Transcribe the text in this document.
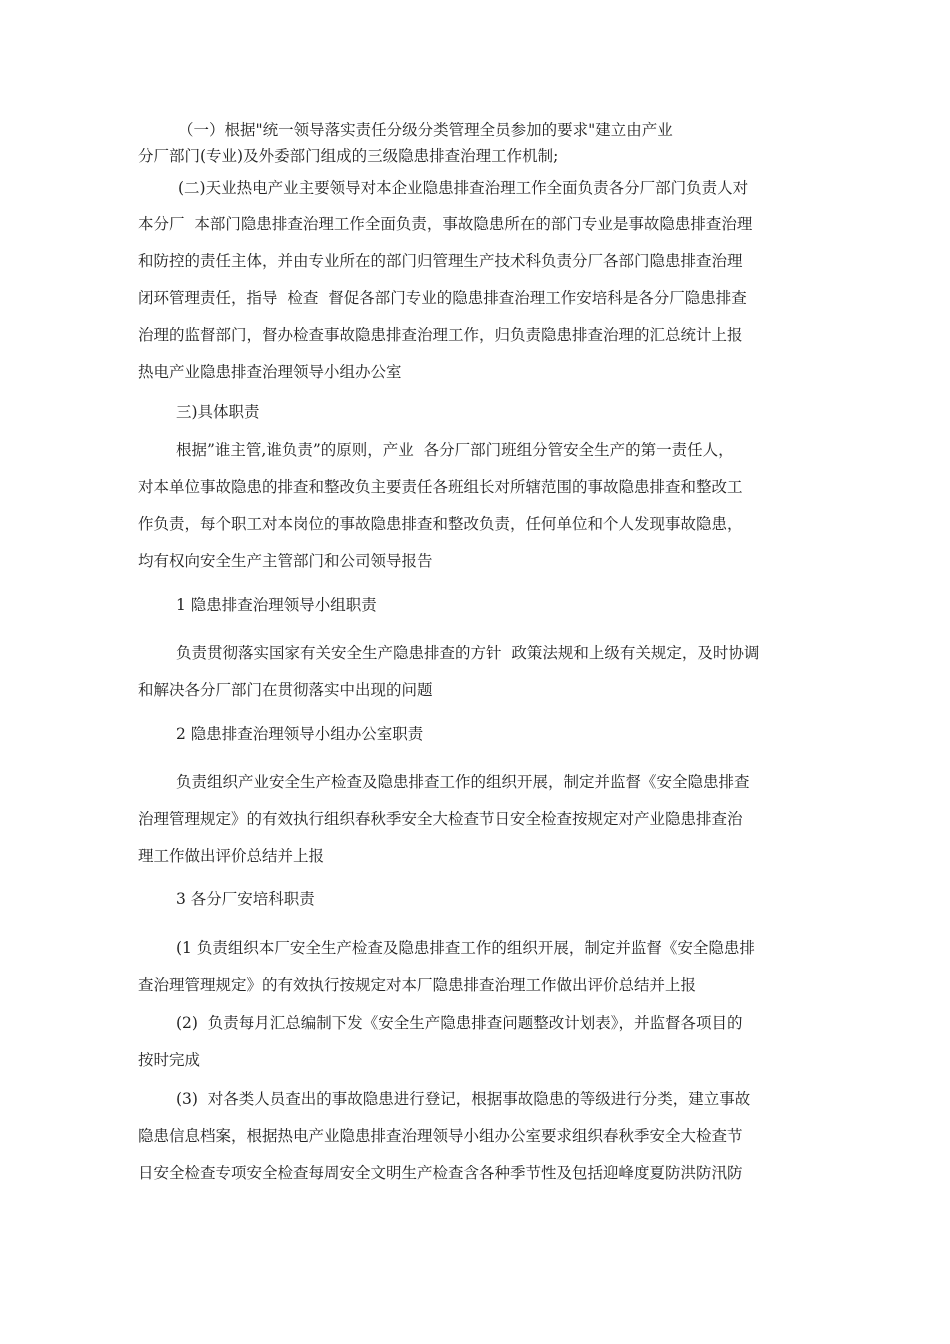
（一）根据"统一领导落实责任分级分类管理全员参加的要求"建立由产业
分厂部门(专业)及外委部门组成的三级隐患排查治理工作机制;
(二)天业热电产业主要领导对本企业隐患排查治理工作全面负责各分厂部门负责人对
本分厂  本部门隐患排查治理工作全面负责，事故隐患所在的部门专业是事故隐患排查治理
和防控的责任主体，并由专业所在的部门归管理生产技术科负责分厂各部门隐患排查治理
闭环管理责任，指导  检查  督促各部门专业的隐患排查治理工作安培科是各分厂隐患排查
治理的监督部门，督办检查事故隐患排查治理工作，归负责隐患排查治理的汇总统计上报
热电产业隐患排查治理领导小组办公室
三)具体职责
根据”谁主管,谁负责”的原则，产业  各分厂部门班组分管安全生产的第一责任人，
对本单位事故隐患的排查和整改负主要责任各班组长对所辖范围的事故隐患排查和整改工
作负责，每个职工对本岗位的事故隐患排查和整改负责，任何单位和个人发现事故隐患，
均有权向安全生产主管部门和公司领导报告
1 隐患排查治理领导小组职责
负责贯彻落实国家有关安全生产隐患排查的方针  政策法规和上级有关规定，及时协调
和解决各分厂部门在贯彻落实中出现的问题
2 隐患排查治理领导小组办公室职责
负责组织产业安全生产检查及隐患排查工作的组织开展，制定并监督《安全隐患排查
治理管理规定》的有效执行组织春秋季安全大检查节日安全检查按规定对产业隐患排查治
理工作做出评价总结并上报
3 各分厂安培科职责
(1 负责组织本厂安全生产检查及隐患排查工作的组织开展，制定并监督《安全隐患排
查治理管理规定》的有效执行按规定对本厂隐患排查治理工作做出评价总结并上报
(2)  负责每月汇总编制下发《安全生产隐患排查问题整改计划表》，并监督各项目的
按时完成
(3)  对各类人员查出的事故隐患进行登记，根据事故隐患的等级进行分类，建立事故
隐患信息档案，根据热电产业隐患排查治理领导小组办公室要求组织春秋季安全大检查节
日安全检查专项安全检查每周安全文明生产检查含各种季节性及包括迎峰度夏防洪防汛防
